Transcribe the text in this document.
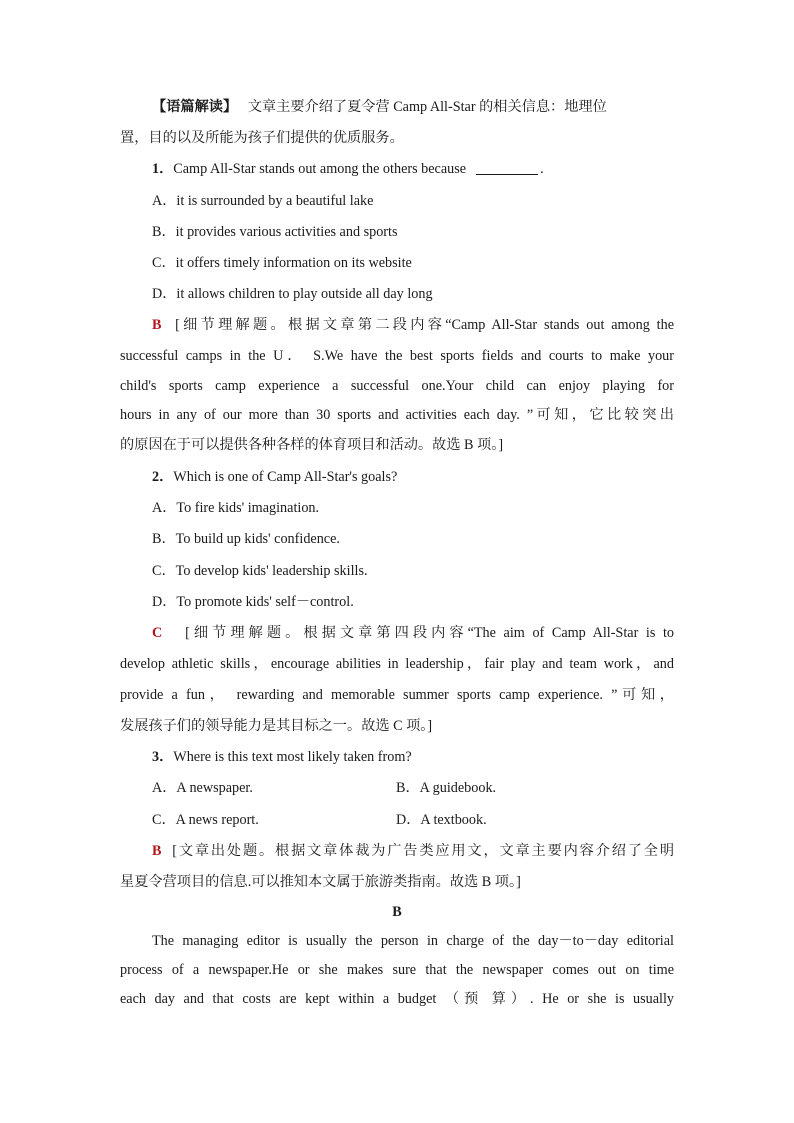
【语篇解读】 文章主要介绍了夏令营 Camp All-Star 的相关信息：地理位
置，目的以及所能为孩子们提供的优质服务。
1．Camp All-Star stands out among the others because	.
A．it is surrounded by a beautiful lake
B．it provides various activities and sports
C．it offers timely information on its website
D．it allows children to play outside all day long
B [细节理解题。根据文章第二段内容“Camp All-Star stands out among the
successful camps in the U． S.We have the best sports fields and courts to make your
child's sports camp experience a successful one.Your child can enjoy playing for
hours in any of our more than 30 sports and activities each day. ”可知，它比较突出
的原因在于可以提供各种各样的体育项目和活动。故选 B 项。]
2．Which is one of Camp All-Star's goals?
A．To fire kids' imagination.
B．To build up kids' confidence.
C．To develop kids' leadership skills.
D．To promote kids' self－control.
C [细节理解题。根据文章第四段内容“The aim of Camp All-Star is to
develop athletic skills，encourage abilities in leadership，fair play and team work，and
provide a fun， rewarding and memorable summer sports camp experience. ”可知，
发展孩子们的领导能力是其目标之一。故选 C 项。]
3．Where is this text most likely taken from?
A．A newspaper.	B．A guidebook.
C．A news report.	D．A textbook.
B [文章出处题。根据文章体裁为广告类应用文，文章主要内容介绍了全明
星夏令营项目的信息.可以推知本文属于旅游类指南。故选 B 项。]
B
The managing editor is usually the person in charge of the day－to－day editorial
process of a newspaper.He or she makes sure that the newspaper comes out on time
each day and that costs are kept within a budget （预 算）. He or she is usually
